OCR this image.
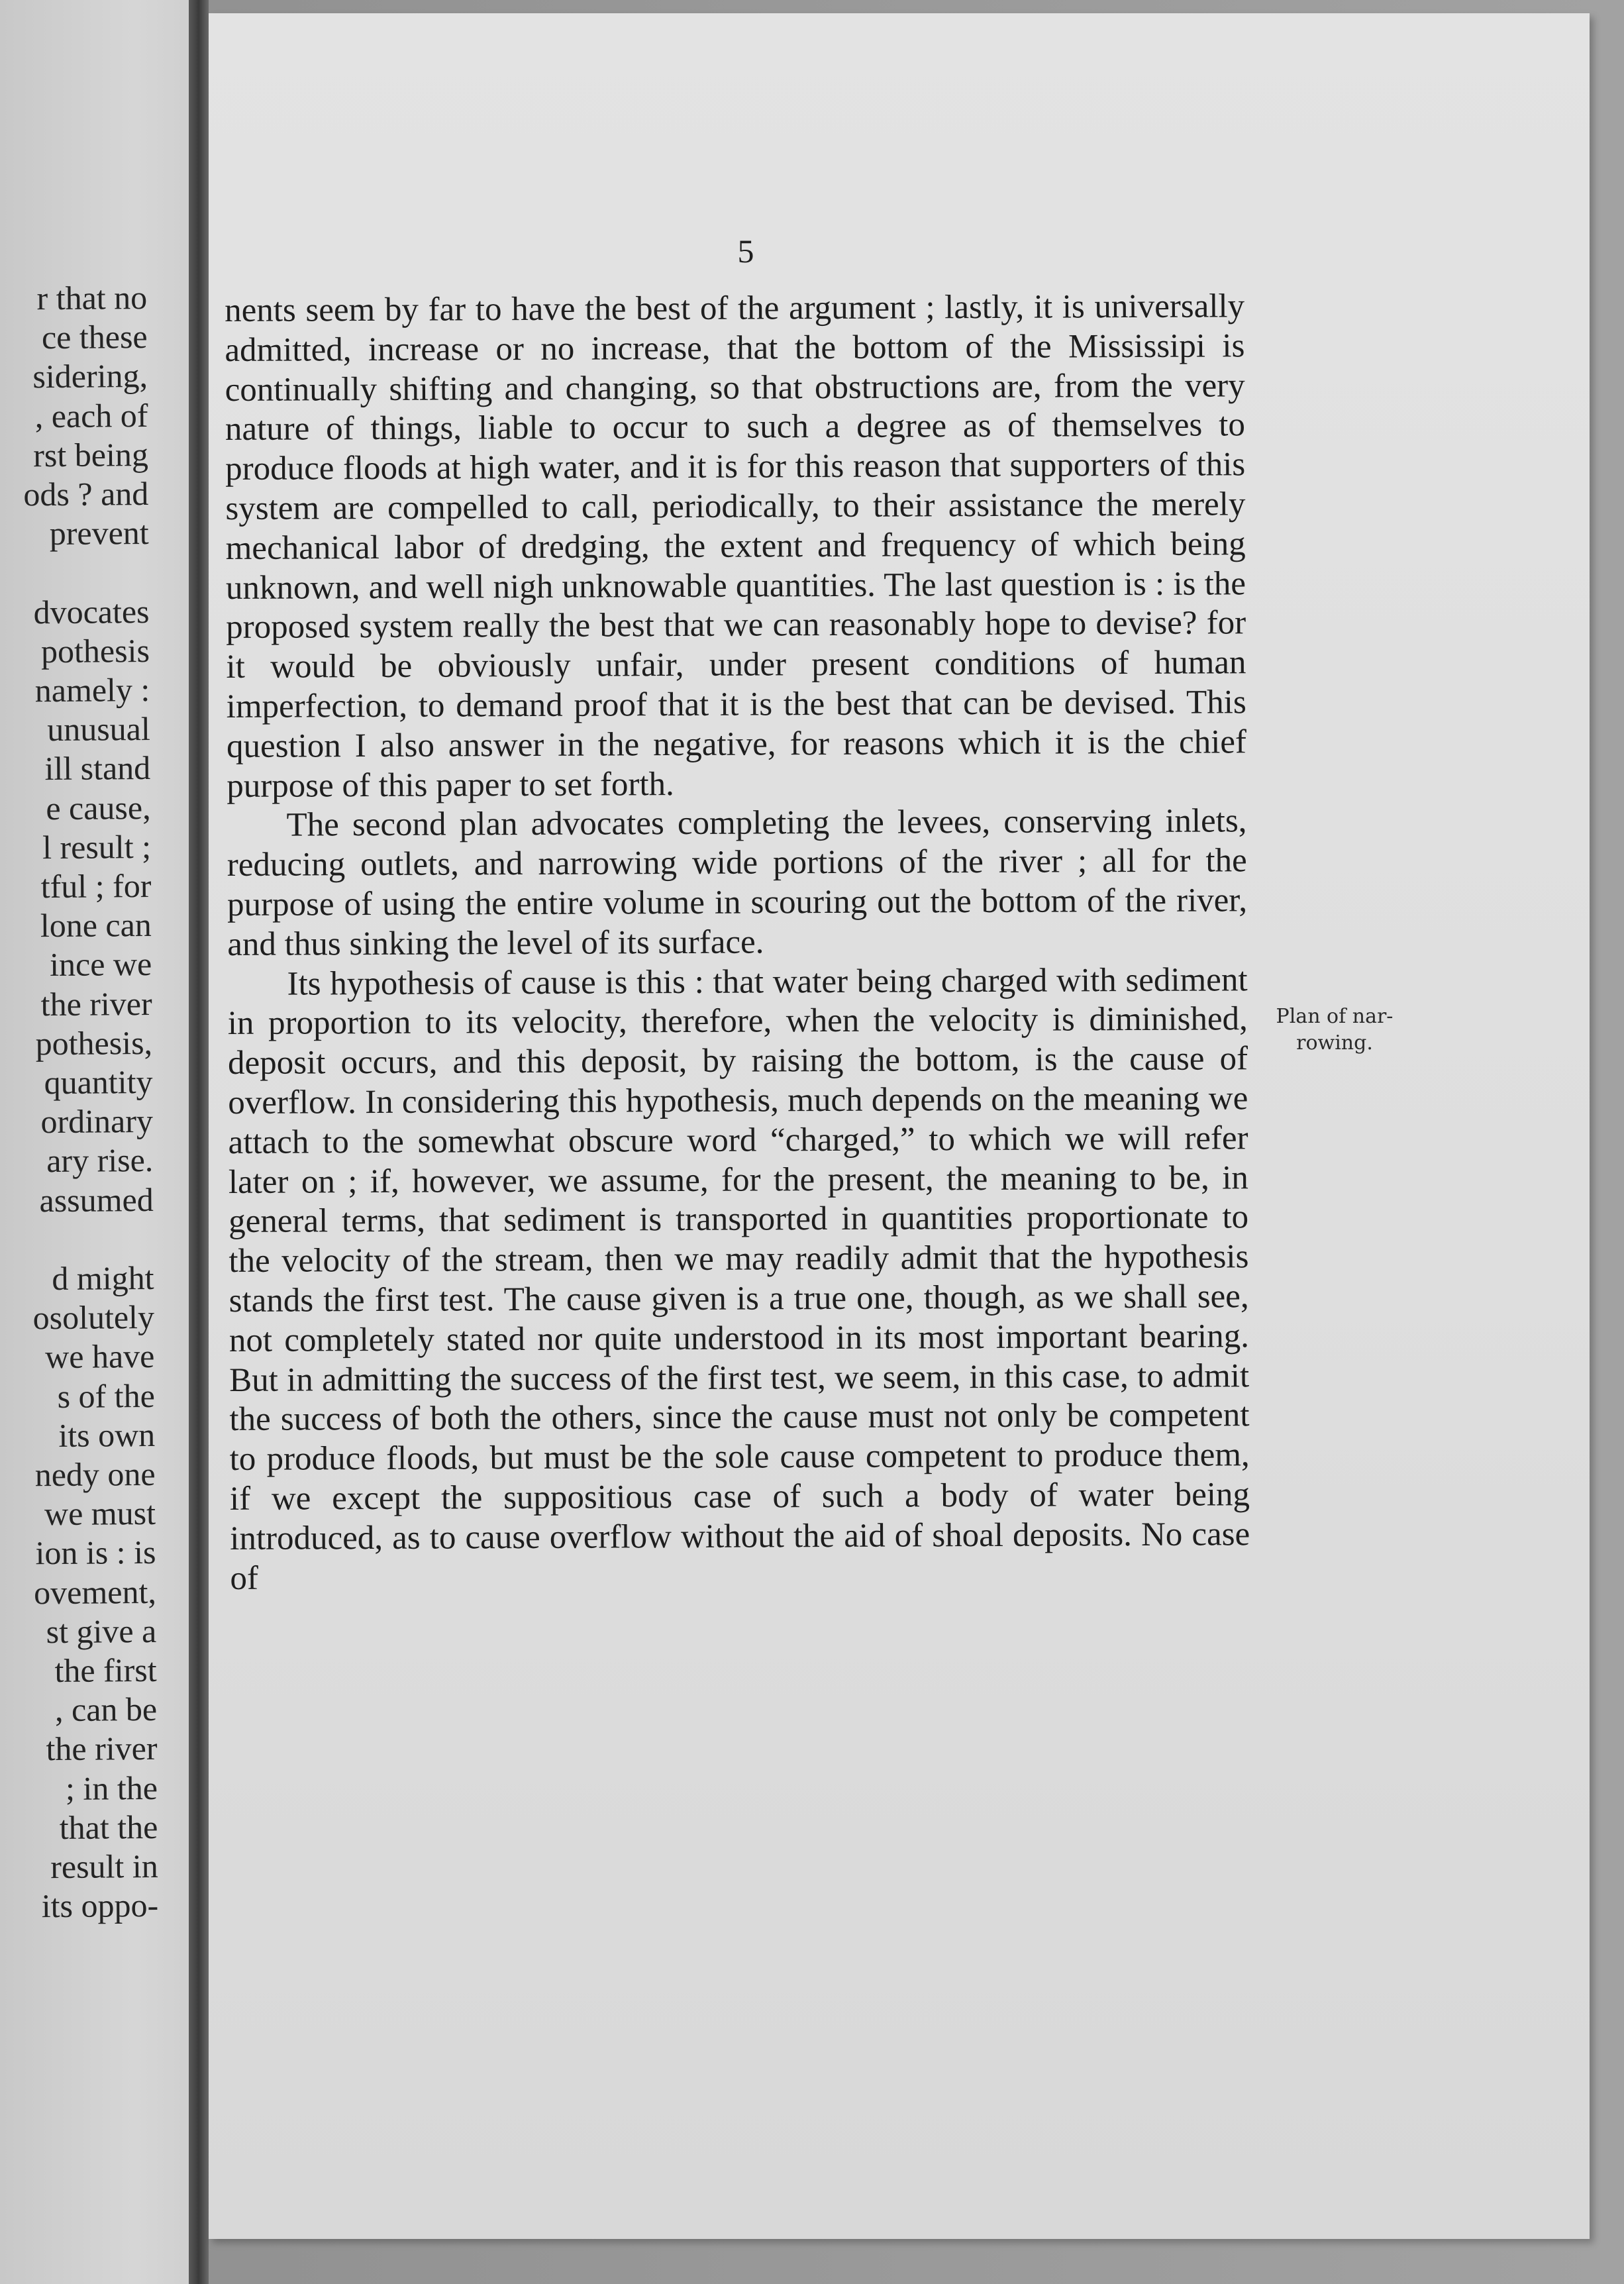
r that no
ce these
sidering,
, each of
rst being
ods ? and
prevent
dvocates
pothesis
namely :
unusual
ill stand
e cause,
l result ;
tful ; for
lone can
ince we
the river
pothesis,
quantity
ordinary
ary rise.
assumed
d might
osolutely
we have
s of the
its own
nedy one
we must
ion is : is
ovement,
st give a
the first
, can be
the river
; in the
that the
result in
its oppo-
5

nents seem by far to have the best of the argument ; lastly, it is universally admitted, increase or no increase, that the bottom of the Mississipi is continually shifting and changing, so that obstructions are, from the very nature of things, liable to occur to such a degree as of themselves to produce floods at high water, and it is for this reason that supporters of this system are compelled to call, periodically, to their assistance the merely mechanical labor of dredging, the extent and frequency of which being unknown, and well nigh unknowable quantities. The last question is : is the proposed system really the best that we can reasonably hope to devise? for it would be obviously unfair, under present conditions of human imperfection, to demand proof that it is the best that can be devised. This question I also answer in the negative, for reasons which it is the chief purpose of this paper to set forth.

The second plan advocates completing the levees, conserving inlets, reducing outlets, and narrowing wide portions of the river ; all for the purpose of using the entire volume in scouring out the bottom of the river, and thus sinking the level of its surface.

Its hypothesis of cause is this : that water being charged with sediment in proportion to its velocity, therefore, when the velocity is diminished, deposit occurs, and this deposit, by raising the bottom, is the cause of overflow. In considering this hypothesis, much depends on the meaning we attach to the somewhat obscure word “charged,” to which we will refer later on ; if, however, we assume, for the present, the meaning to be, in general terms, that sediment is transported in quantities proportionate to the velocity of the stream, then we may readily admit that the hypothesis stands the first test. The cause given is a true one, though, as we shall see, not completely stated nor quite understood in its most important bearing. But in admitting the success of the first test, we seem, in this case, to admit the success of both the others, since the cause must not only be competent to produce floods, but must be the sole cause competent to produce them, if we except the suppositious case of such a body of water being introduced, as to cause overflow without the aid of shoal deposits. No case of

Plan of nar-
rowing.
